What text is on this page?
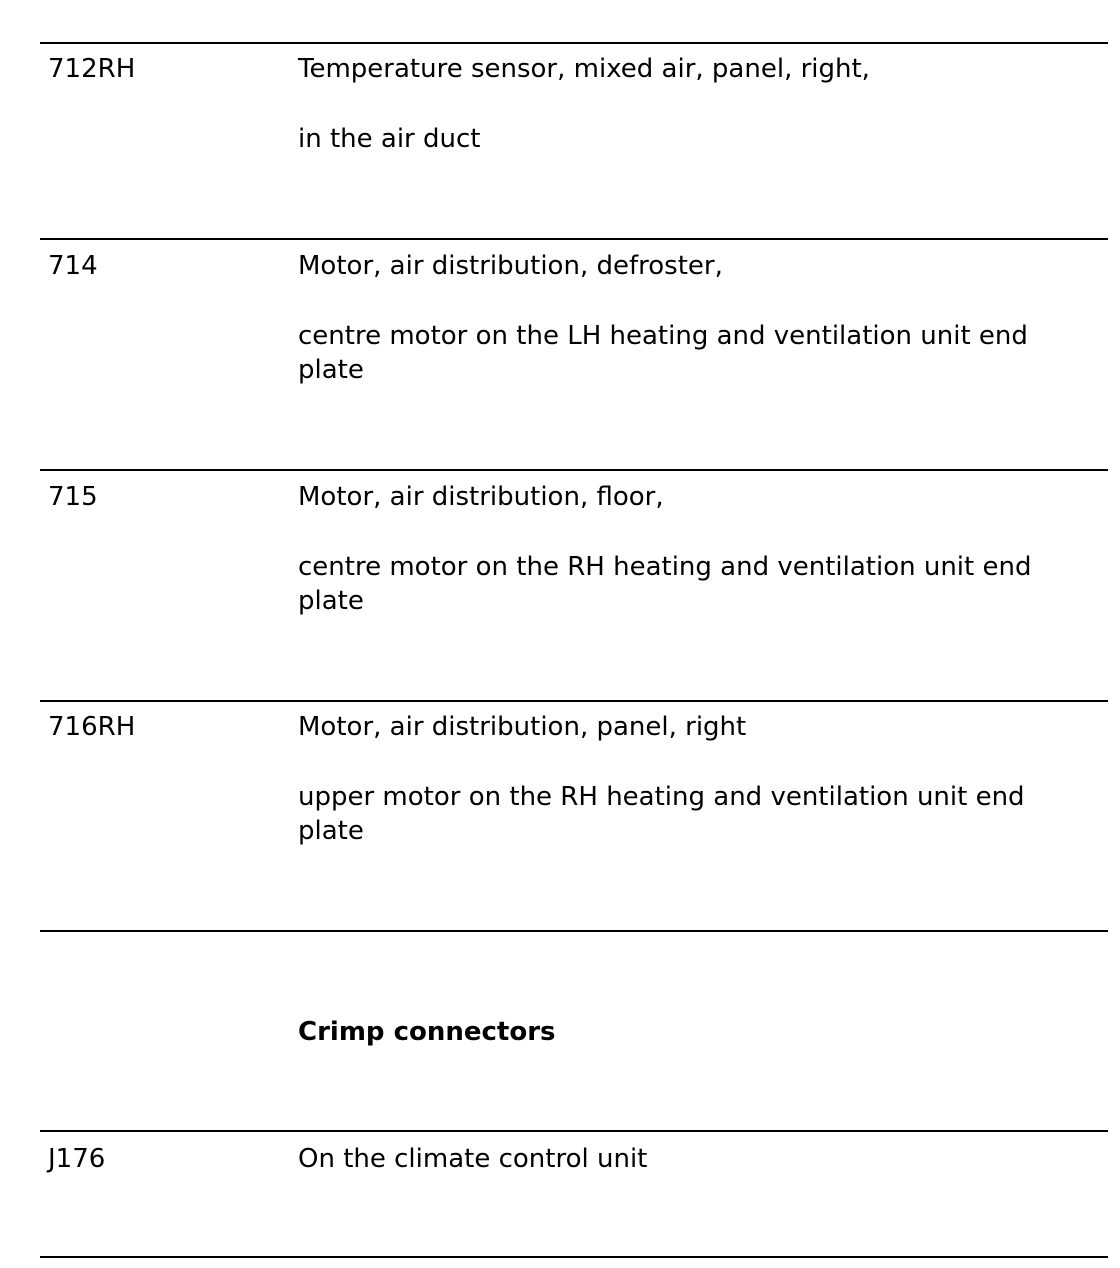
712RH	Temperature sensor, mixed air, panel, right,

in the air duct

714	Motor, air distribution, defroster,

centre motor on the LH heating and ventilation unit end plate

715	Motor, air distribution, floor,

centre motor on the RH heating and ventilation unit end plate

716RH	Motor, air distribution, panel, right

upper motor on the RH heating and ventilation unit end plate

Crimp connectors
J176	On the climate control unit
